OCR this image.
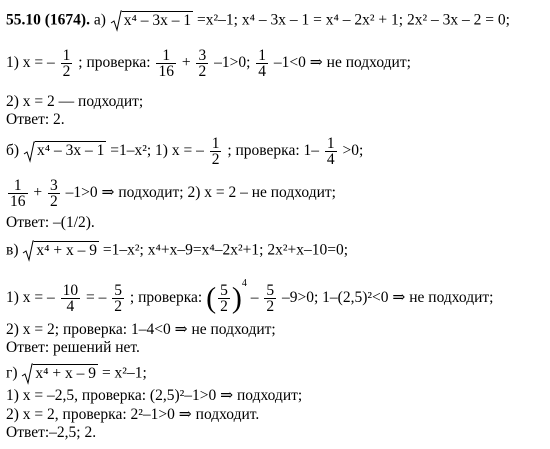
55.10 (1674). а) x⁴ – 3x – 1 =x²–1; x⁴ – 3x – 1 = x⁴ – 2x² + 1; 2x² – 3x – 2 = 0;
1) x = – $\frac{1}{2}$ ; проверка: $\frac{1}{16} + \frac{3}{2} -1>0$; $\frac{1}{4} -1<0$ ⇒ не подходит;
2) x = 2 — подходит;
Ответ: 2.
б) x⁴ – 3x – 1 =1–x²; 1) x = – $\frac{1}{2}$ ; проверка: $1- \frac{1}{4} >0$;
$\frac{1}{16} + \frac{3}{2} -1>0$ ⇒ подходит; 2) x = 2 – не подходит;
Ответ: –(1/2).
в) x⁴ + x – 9 =1–x²; x⁴+x–9=x⁴–2x²+1; 2x²+x–10=0;
1) x = – $\frac{10}{4}$ = – $\frac{5}{2}$ ; проверка: ( $\frac{5}{2} )^4 - \frac{5}{2} -9>0$; 1–(2,5)²<0 ⇒ не подходит;
2) x = 2; проверка: 1–4<0 ⇒ не подходит;
Ответ: решений нет.
г) x⁴ + x – 9 = x²–1;
1) x = –2,5, проверка: (2,5)²–1>0 ⇒ подходит;
2) x = 2, проверка: 2²–1>0 ⇒ подходит.
Ответ:–2,5; 2.
